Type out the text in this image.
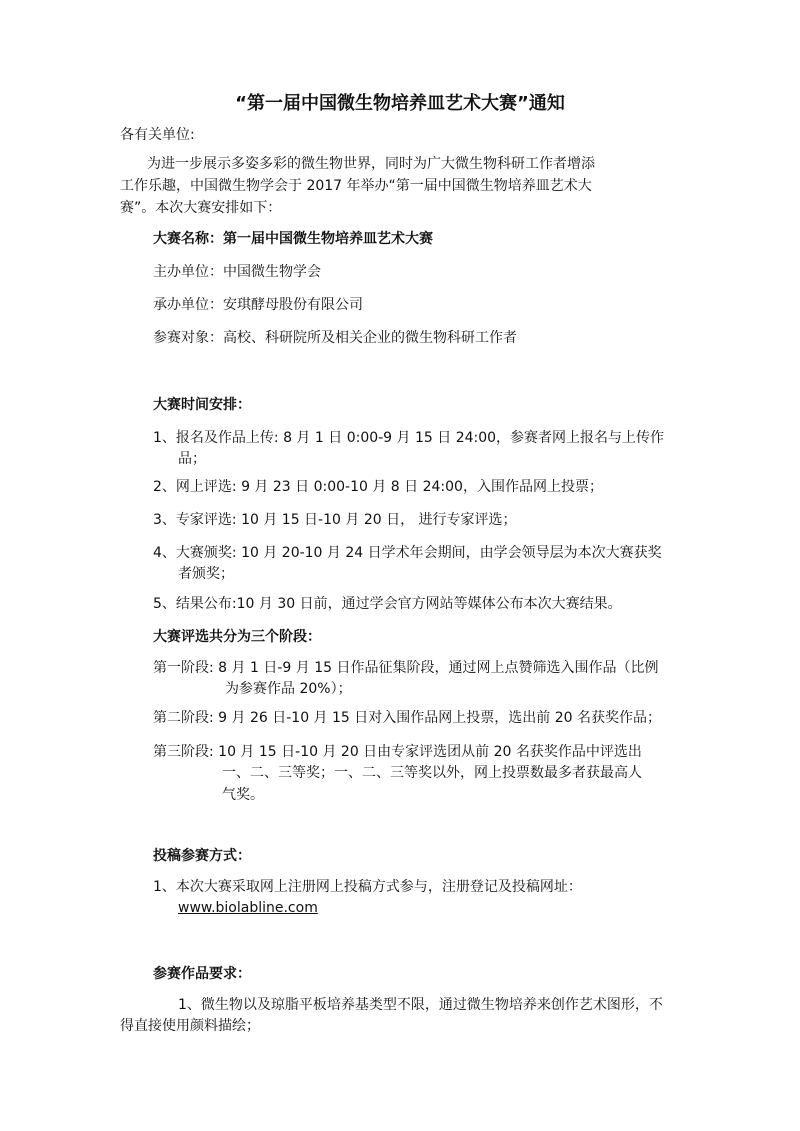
“第一届中国微生物培养皿艺术大赛”通知

各有关单位:

为进一步展示多姿多彩的微生物世界，同时为广大微生物科研工作者增添

工作乐趣，中国微生物学会于 2017 年举办“第一届中国微生物培养皿艺术大

赛”。本次大赛安排如下：

大赛名称：第一届中国微生物培养皿艺术大赛
主办单位：中国微生物学会
承办单位：安琪酵母股份有限公司
参赛对象：高校、科研院所及相关企业的微生物科研工作者
大赛时间安排：

1、报名及作品上传: 8 月 1 日 0:00-9 月 15 日 24:00，参赛者网上报名与上传作

品；

2、网上评选: 9 月 23 日 0:00-10 月 8 日 24:00，入围作品网上投票；

3、专家评选: 10 月 15 日-10 月 20 日， 进行专家评选；

4、大赛颁奖: 10 月 20-10 月 24 日学术年会期间，由学会领导层为本次大赛获奖

者颁奖；

5、结果公布:10 月 30 日前，通过学会官方网站等媒体公布本次大赛结果。

大赛评选共分为三个阶段：

第一阶段: 8 月 1 日-9 月 15 日作品征集阶段，通过网上点赞筛选入围作品（比例

为参赛作品 20%）；

第二阶段: 9 月 26 日-10 月 15 日对入围作品网上投票，选出前 20 名获奖作品；

第三阶段: 10 月 15 日-10 月 20 日由专家评选团从前 20 名获奖作品中评选出

一、二、三等奖；一、二、三等奖以外，网上投票数最多者获最高人

气奖。

投稿参赛方式：

1、本次大赛采取网上注册网上投稿方式参与，注册登记及投稿网址：

www.biolabline.com
参赛作品要求：

1、微生物以及琼脂平板培养基类型不限，通过微生物培养来创作艺术图形，不

得直接使用颜料描绘；
